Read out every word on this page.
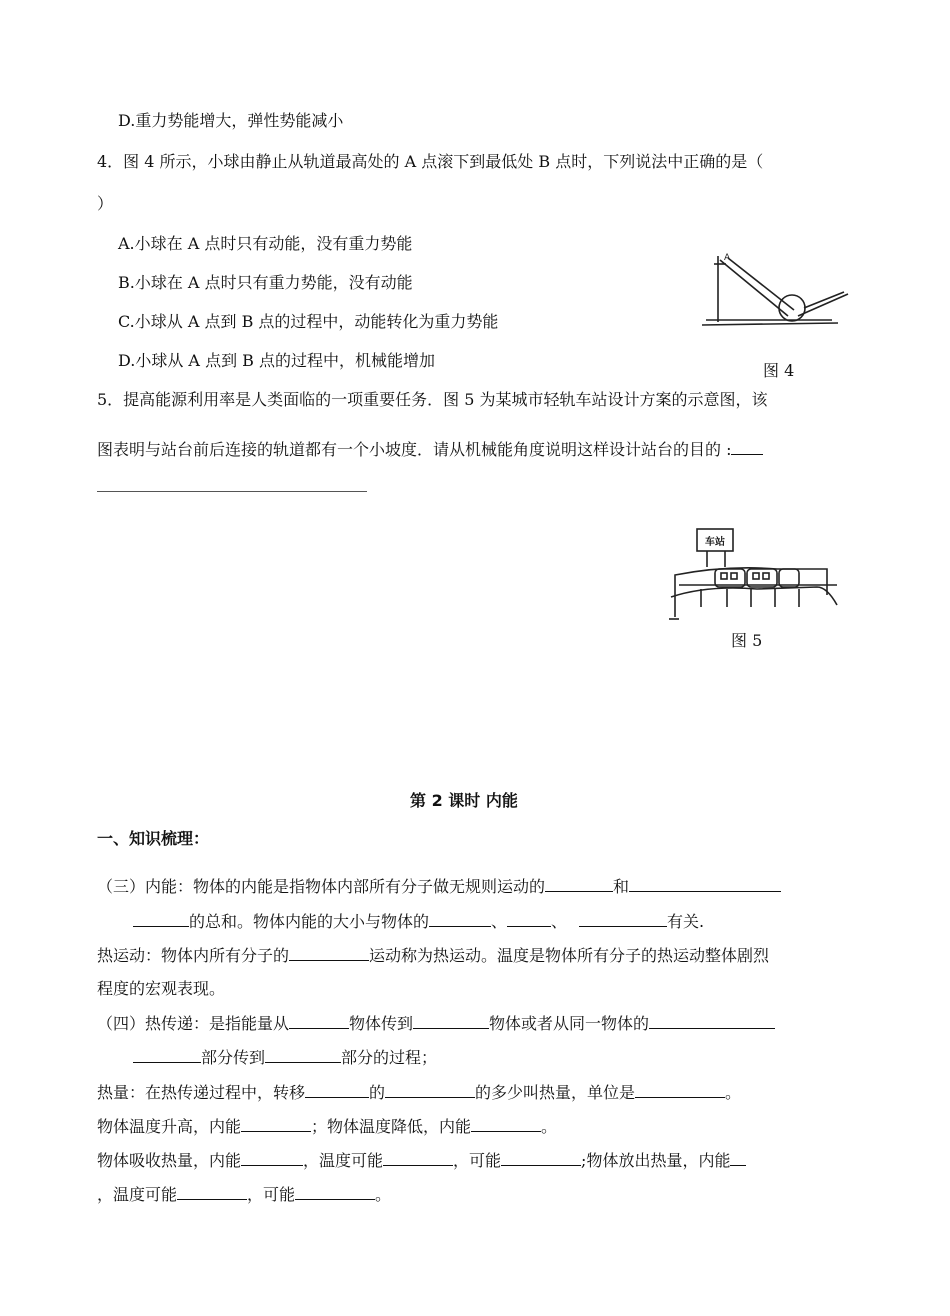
D.重力势能增大，弹性势能减小
4．图 4 所示，小球由静止从轨道最高处的 A 点滚下到最低处 B 点时，下列说法中正确的是（
）
A.小球在 A 点时只有动能，没有重力势能
B.小球在 A 点时只有重力势能，没有动能
C.小球从 A 点到 B 点的过程中，动能转化为重力势能
D.小球从 A 点到 B 点的过程中，机械能增加
A
图 4
5．提高能源利用率是人类面临的一项重要任务．图 5 为某城市轻轨车站设计方案的示意图，该
图表明与站台前后连接的轨道都有一个小坡度．请从机械能角度说明这样设计站台的目的 :
车站
图 5
第 2 课时 内能
一、知识梳理：
（三）内能：物体的内能是指物体内部所有分子做无规则运动的	和
的总和。物体内能的大小与物体的	、	、	有关.
热运动：物体内所有分子的	运动称为热运动。温度是物体所有分子的热运动整体剧烈
程度的宏观表现。
（四）热传递：是指能量从	物体传到	物体或者从同一物体的
部分传到	部分的过程；
热量：在热传递过程中，转移	的	的多少叫热量，单位是	。
物体温度升高，内能	；物体温度降低，内能	。
物体吸收热量，内能	，温度可能	，可能	;物体放出热量，内能
，温度可能	，可能	。
